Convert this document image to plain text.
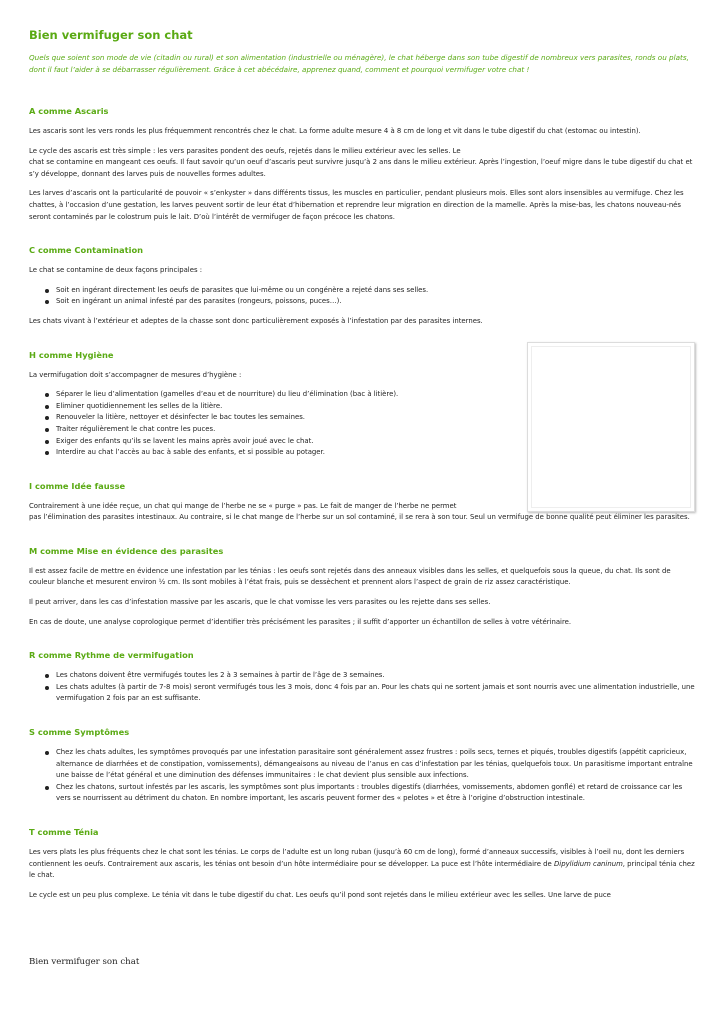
Bien vermifuger son chat

Quels que soient son mode de vie (citadin ou rural) et son alimentation (industrielle ou ménagère), le chat héberge dans son tube digestif de nombreux vers parasites, ronds ou plats, dont il faut l’aider à se débarrasser régulièrement. Grâce à cet abécédaire, apprenez quand, comment et pourquoi vermifuger votre chat !

A comme Ascaris

Les ascaris sont les vers ronds les plus fréquemment rencontrés chez le chat. La forme adulte mesure 4 à 8 cm de long et vit dans le tube digestif du chat (estomac ou intestin).

Le cycle des ascaris est très simple : les vers parasites pondent des oeufs, rejetés dans le milieu extérieur avec les selles. Le
chat se contamine en mangeant ces oeufs. Il faut savoir qu’un oeuf d’ascaris peut survivre jusqu’à 2 ans dans le milieu extérieur. Après l’ingestion, l’oeuf migre dans le tube digestif du chat et s’y développe, donnant des larves puis de nouvelles formes adultes.

Les larves d’ascaris ont la particularité de pouvoir « s’enkyster » dans différents tissus, les muscles en particulier, pendant plusieurs mois. Elles sont alors insensibles au vermifuge. Chez les chattes, à l’occasion d’une gestation, les larves peuvent sortir de leur état d’hibernation et reprendre leur migration en direction de la mamelle. Après la mise-bas, les chatons nouveau-nés seront contaminés par le colostrum puis le lait. D’où l’intérêt de vermifuger de façon précoce les chatons.

C comme Contamination

Le chat se contamine de deux façons principales :

Soit en ingérant directement les oeufs de parasites que lui-même ou un congénère a rejeté dans ses selles.
Soit en ingérant un animal infesté par des parasites (rongeurs, poissons, puces…).

Les chats vivant à l’extérieur et adeptes de la chasse sont donc particulièrement exposés à l’infestation par des parasites internes.

H comme Hygiène

La vermifugation doit s’accompagner de mesures d’hygiène :

Séparer le lieu d’alimentation (gamelles d’eau et de nourriture) du lieu d’élimination (bac à litière).
Eliminer quotidiennement les selles de la litière.
Renouveler la litière, nettoyer et désinfecter le bac toutes les semaines.
Traiter régulièrement le chat contre les puces.
Exiger des enfants qu’ils se lavent les mains après avoir joué avec le chat.
Interdire au chat l’accès au bac à sable des enfants, et si possible au potager.
I comme Idée fausse

Contrairement à une idée reçue, un chat qui mange de l’herbe ne se « purge » pas. Le fait de manger de l’herbe ne permet
pas l’élimination des parasites intestinaux. Au contraire, si le chat mange de l’herbe sur un sol contaminé, il se rera à son tour. Seul un vermifuge de bonne qualité peut éliminer les parasites.

M comme Mise en évidence des parasites

Il est assez facile de mettre en évidence une infestation par les ténias : les oeufs sont rejetés dans des anneaux visibles dans les selles, et quelquefois sous la queue, du chat. Ils sont de couleur blanche et mesurent environ ½ cm. Ils sont mobiles à l’état frais, puis se dessèchent et prennent alors l’aspect de grain de riz assez caractéristique.

Il peut arriver, dans les cas d’infestation massive par les ascaris, que le chat vomisse les vers parasites ou les rejette dans ses selles.

En cas de doute, une analyse coprologique permet d’identifier très précisément les parasites ; il suffit d’apporter un échantillon de selles à votre vétérinaire.

R comme Rythme de vermifugation
Les chatons doivent être vermifugés toutes les 2 à 3 semaines à partir de l’âge de 3 semaines.
Les chats adultes (à partir de 7-8 mois) seront vermifugés tous les 3 mois, donc 4 fois par an. Pour les chats qui ne sortent jamais et sont nourris avec une alimentation industrielle, une vermifugation 2 fois par an est suffisante.
S comme Symptômes
Chez les chats adultes, les symptômes provoqués par une infestation parasitaire sont généralement assez frustres : poils secs, ternes et piqués, troubles digestifs (appétit capricieux, alternance de diarrhées et de constipation, vomissements), démangeaisons au niveau de l’anus en cas d’infestation par les ténias, quelquefois toux. Un parasitisme important entraîne une baisse de l’état général et une diminution des défenses immunitaires : le chat devient plus sensible aux infections.
Chez les chatons, surtout infestés par les ascaris, les symptômes sont plus importants : troubles digestifs (diarrhées, vomissements, abdomen gonflé) et retard de croissance car les vers se nourrissent au détriment du chaton. En nombre important, les ascaris peuvent former des « pelotes » et être à l’origine d’obstruction intestinale.
T comme Ténia

Les vers plats les plus fréquents chez le chat sont les ténias. Le corps de l’adulte est un long ruban (jusqu’à 60 cm de long), formé d’anneaux successifs, visibles à l’oeil nu, dont les derniers contiennent les oeufs. Contrairement aux ascaris, les ténias ont besoin d’un hôte intermédiaire pour se développer. La puce est l’hôte intermédiaire de Dipylidium caninum, principal ténia chez le chat.

Le cycle est un peu plus complexe. Le ténia vit dans le tube digestif du chat. Les oeufs qu’il pond sont rejetés dans le milieu extérieur avec les selles. Une larve de puce

Bien vermifuger son chat
